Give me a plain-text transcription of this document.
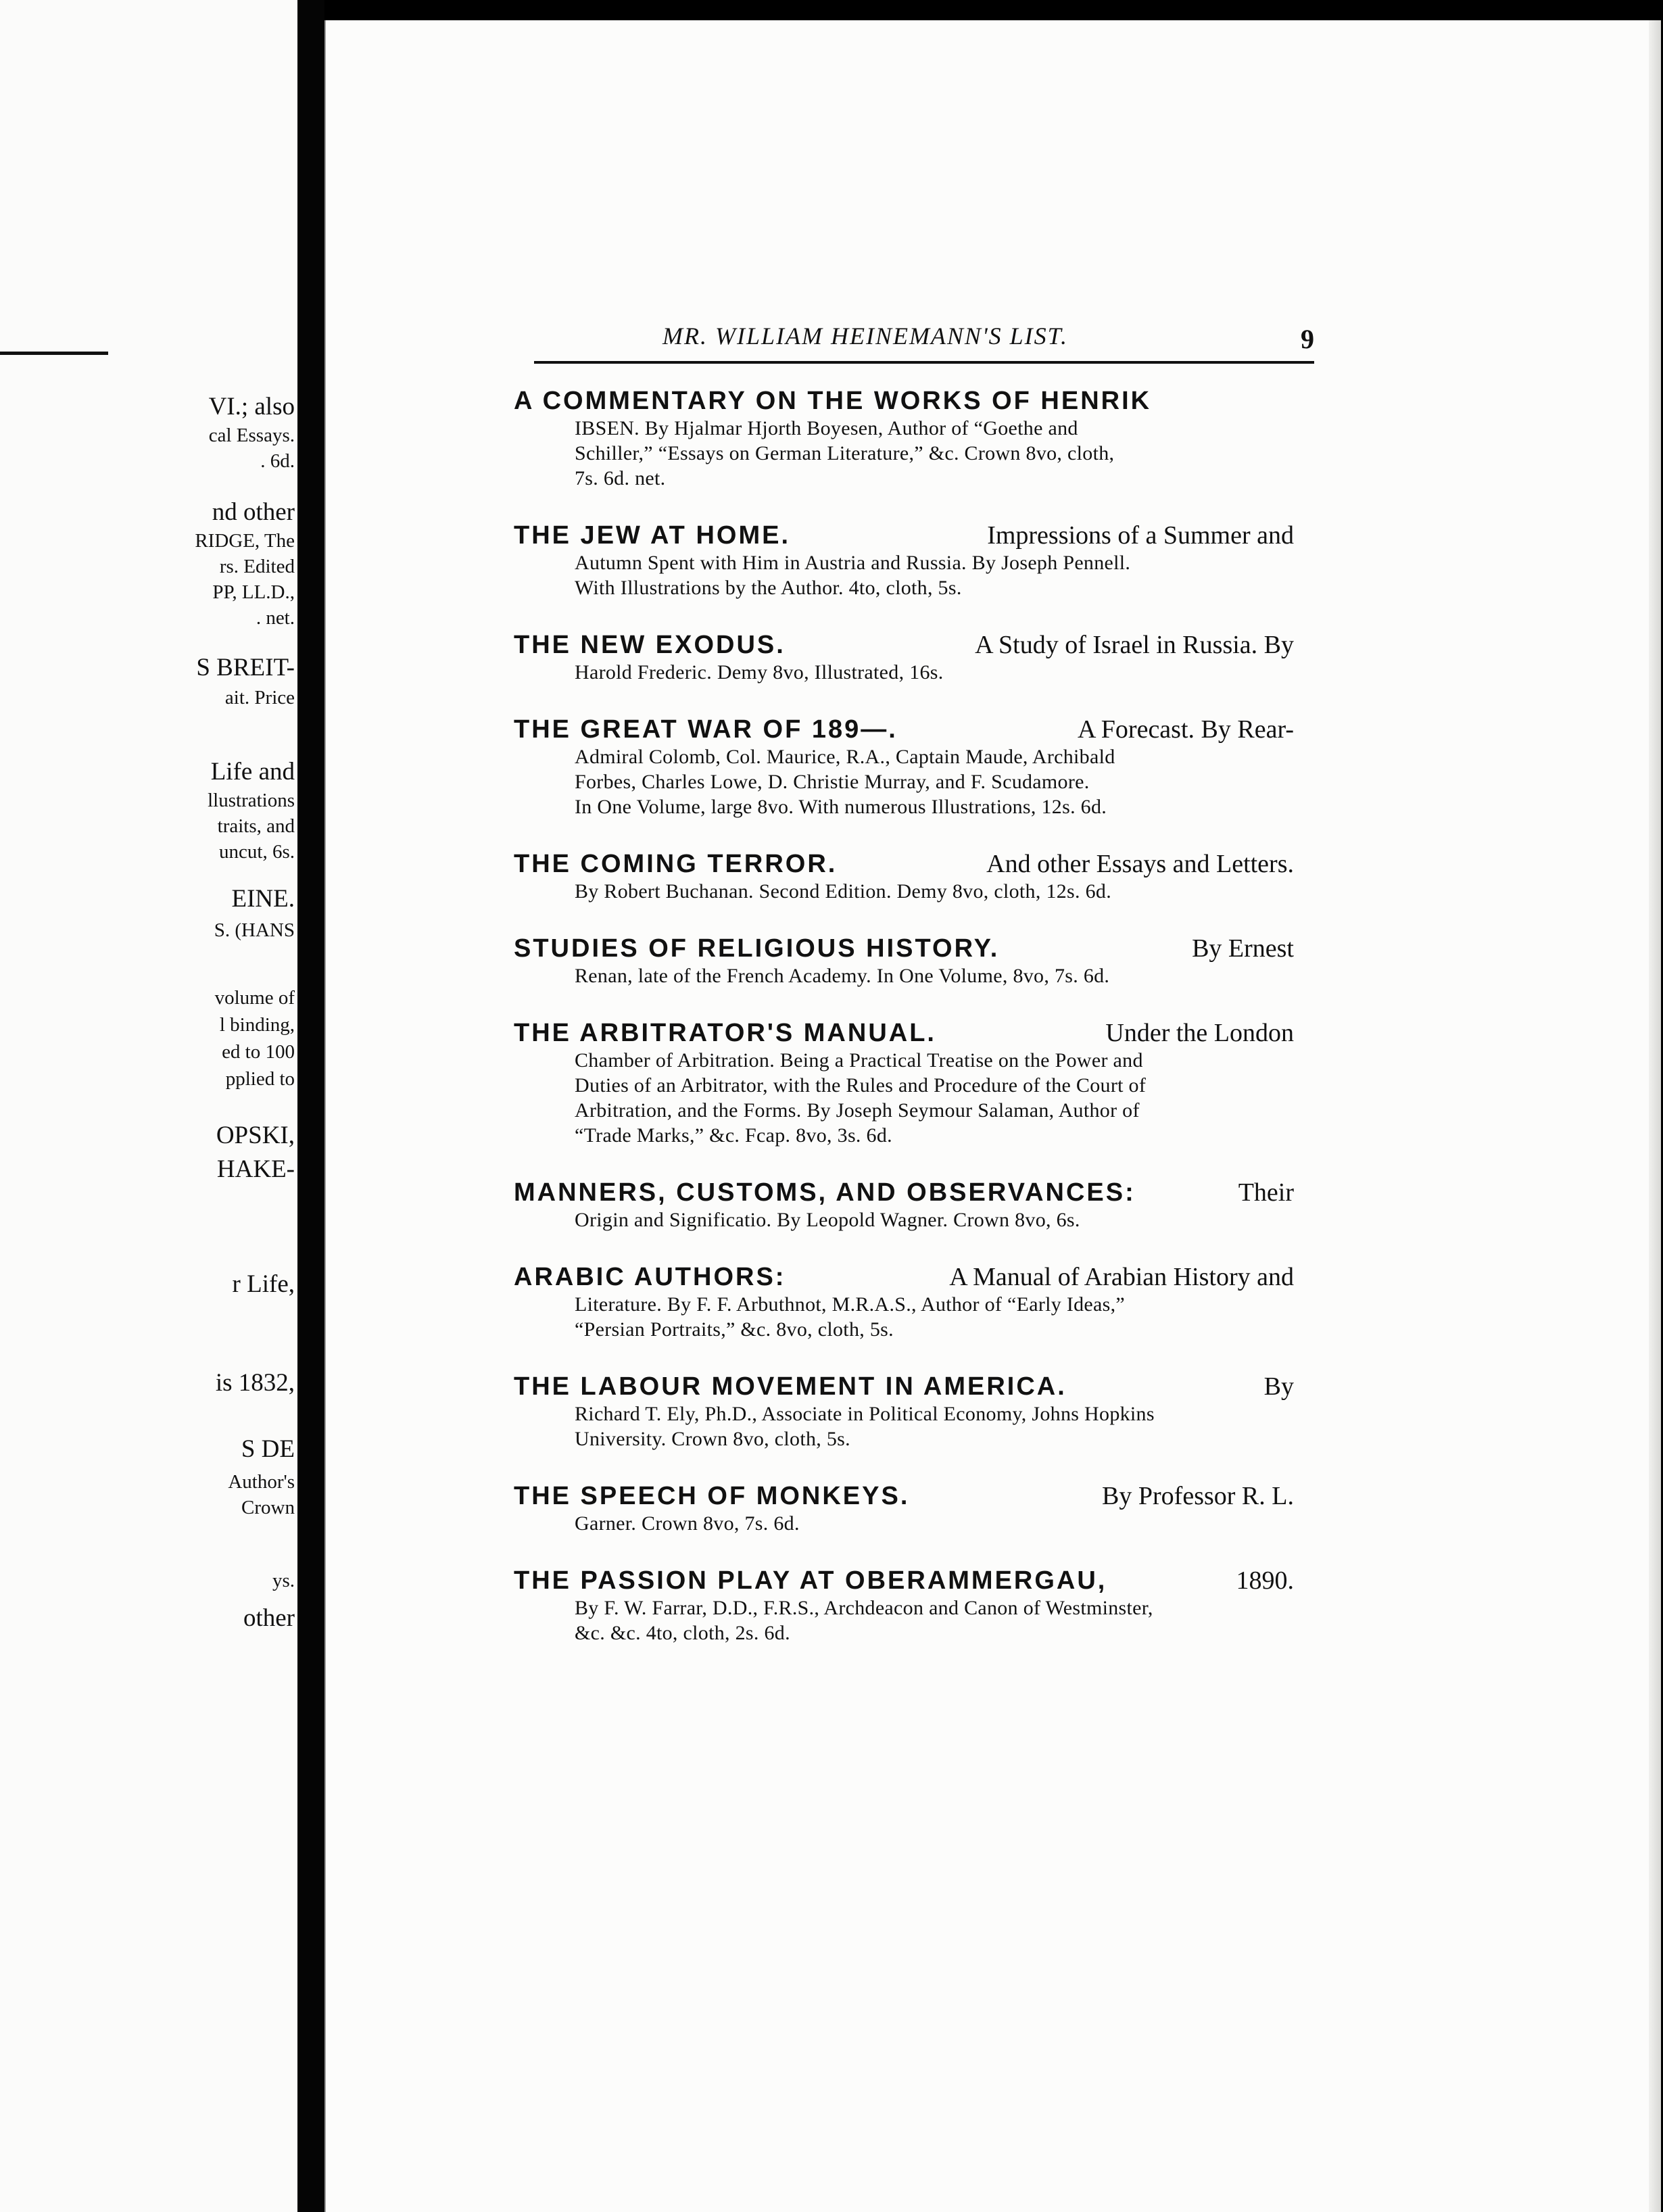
VI.; also
cal Essays.
. 6d.
nd other
RIDGE, The
rs. Edited
PP, LL.D.,
. net.
S BREIT-
ait. Price
Life and
llustrations
traits, and
uncut, 6s.
EINE.
S. (HANS
volume of
l binding,
ed to 100
pplied to
OPSKI,
HAKE-
r Life,
is 1832,
S DE
Author's
Crown
ys.
other
MR. WILLIAM HEINEMANN'S LIST.	9
A COMMENTARY ON THE WORKS OF HENRIK
IBSEN. By Hjalmar Hjorth Boyesen, Author of “Goethe and
Schiller,” “Essays on German Literature,” &c. Crown 8vo, cloth,
7s. 6d. net.
THE JEW AT HOME.	Impressions of a Summer and
Autumn Spent with Him in Austria and Russia. By Joseph Pennell.
With Illustrations by the Author. 4to, cloth, 5s.
THE NEW EXODUS.	A Study of Israel in Russia. By
Harold Frederic. Demy 8vo, Illustrated, 16s.
THE GREAT WAR OF 189—.	A Forecast. By Rear-
Admiral Colomb, Col. Maurice, R.A., Captain Maude, Archibald
Forbes, Charles Lowe, D. Christie Murray, and F. Scudamore.
In One Volume, large 8vo. With numerous Illustrations, 12s. 6d.
THE COMING TERROR.	And other Essays and Letters.
By Robert Buchanan. Second Edition. Demy 8vo, cloth, 12s. 6d.
STUDIES OF RELIGIOUS HISTORY.	By Ernest
Renan, late of the French Academy. In One Volume, 8vo, 7s. 6d.
THE ARBITRATOR'S MANUAL.	Under the London
Chamber of Arbitration. Being a Practical Treatise on the Power and
Duties of an Arbitrator, with the Rules and Procedure of the Court of
Arbitration, and the Forms. By Joseph Seymour Salaman, Author of
“Trade Marks,” &c. Fcap. 8vo, 3s. 6d.
MANNERS, CUSTOMS, AND OBSERVANCES:	Their
Origin and Significatio. By Leopold Wagner. Crown 8vo, 6s.
ARABIC AUTHORS:	A Manual of Arabian History and
Literature. By F. F. Arbuthnot, M.R.A.S., Author of “Early Ideas,”
“Persian Portraits,” &c. 8vo, cloth, 5s.
THE LABOUR MOVEMENT IN AMERICA.	By
Richard T. Ely, Ph.D., Associate in Political Economy, Johns Hopkins
University. Crown 8vo, cloth, 5s.
THE SPEECH OF MONKEYS.	By Professor R. L.
Garner. Crown 8vo, 7s. 6d.
THE PASSION PLAY AT OBERAMMERGAU,	1890.
By F. W. Farrar, D.D., F.R.S., Archdeacon and Canon of Westminster,
&c. &c. 4to, cloth, 2s. 6d.
